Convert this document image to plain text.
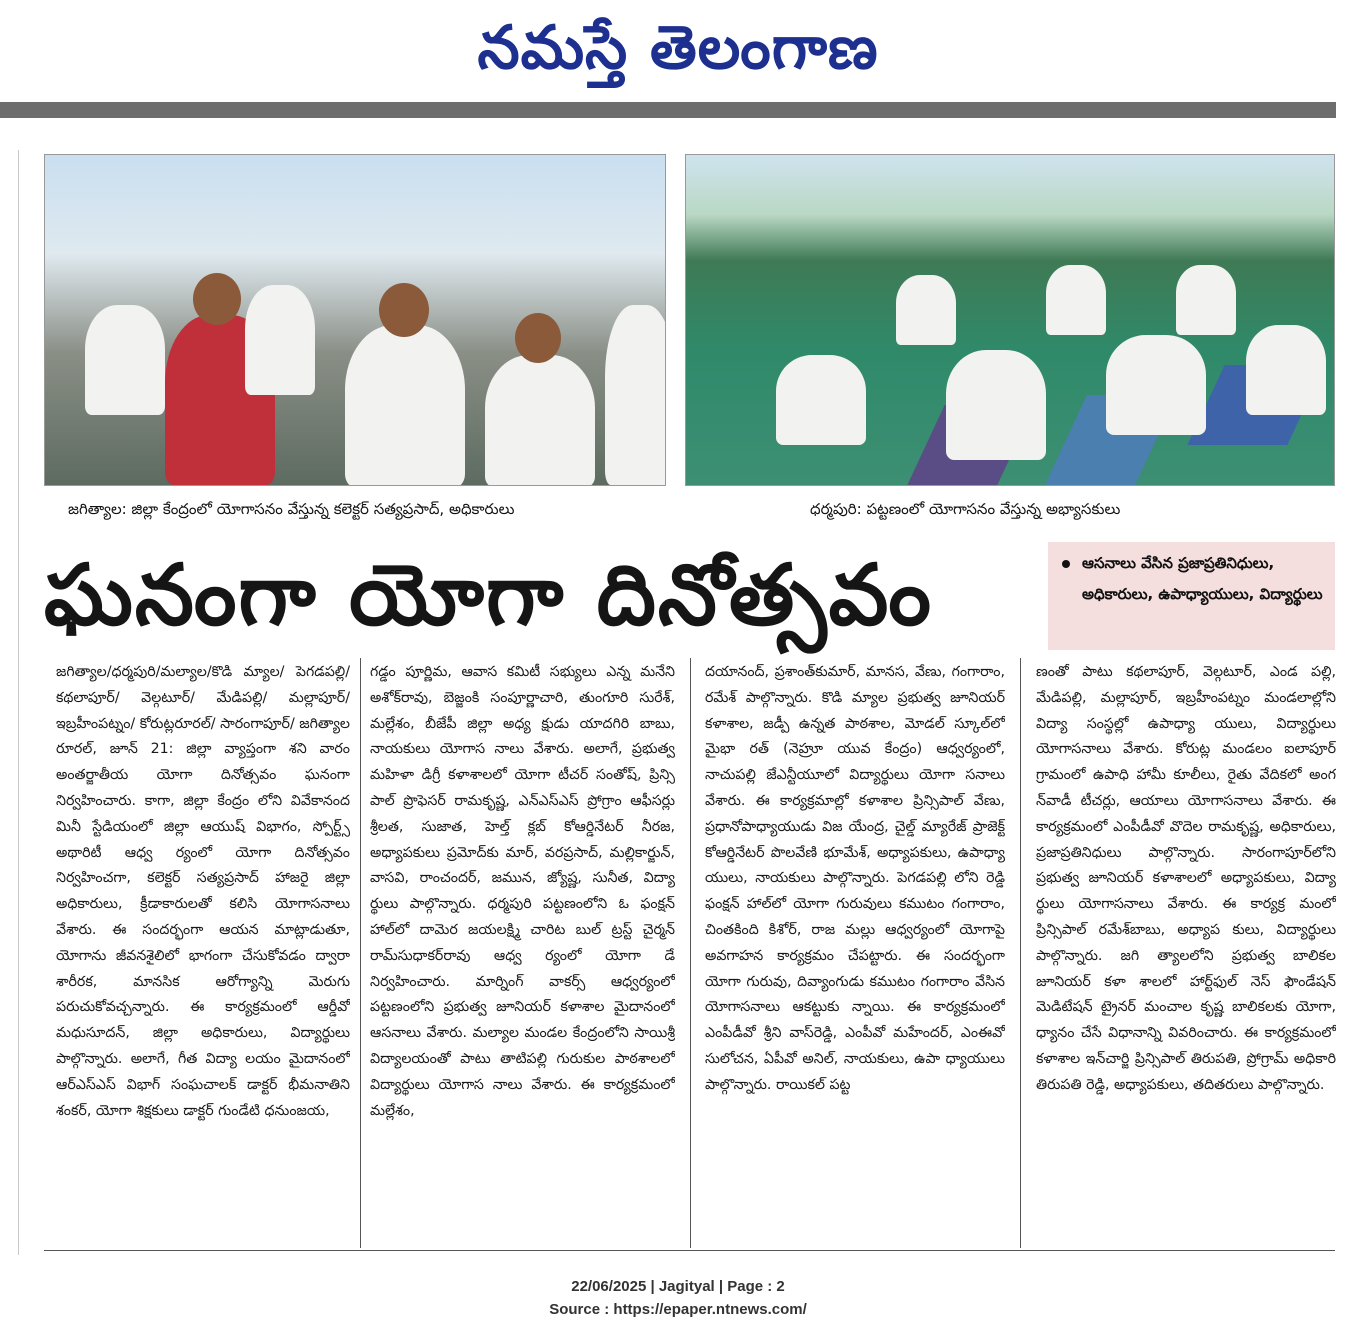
నమస్తే తెలంగాణ
జగిత్యాల: జిల్లా కేంద్రంలో యోగాసనం వేస్తున్న కలెక్టర్ సత్యప్రసాద్, అధికారులు	ధర్మపురి: పట్టణంలో యోగాసనం వేస్తున్న అభ్యాసకులు
ఘనంగా యోగా దినోత్సవం	ఆసనాలు వేసిన ప్రజాప్రతినిధులు, అధికారులు, ఉపాధ్యాయులు, విద్యార్థులు
జగిత్యాల/ధర్మపురి/మల్యాల/కొడి మ్యాల/ పెగడపల్లి/ కథలాపూర్/ వెల్గటూర్/ మేడిపల్లి/ మల్లాపూర్/ ఇబ్రహీంపట్నం/ కోరుట్లరూరల్/ సారంగాపూర్/ జగిత్యాల రూరల్, జూన్ 21: జిల్లా వ్యాప్తంగా శని వారం అంతర్జాతీయ యోగా దినోత్సవం ఘనంగా నిర్వహించారు. కాగా, జిల్లా కేంద్రం లోని వివేకానంద మినీ స్టేడియంలో జిల్లా ఆయుష్ విభాగం, స్పోర్ట్స్ అథారిటీ ఆధ్వ ర్యంలో యోగా దినోత్సవం నిర్వహించగా, కలెక్టర్ సత్యప్రసాద్ హాజరై జిల్లా అధికారులు, క్రీడాకారులతో కలిసి యోగాసనాలు వేశారు. ఈ సందర్భంగా ఆయన మాట్లాడుతూ, యోగాను జీవనశైలిలో భాగంగా చేసుకోవడం ద్వారా శారీరక, మానసిక ఆరోగ్యాన్ని మెరుగు పరుచుకోవచ్చన్నారు. ఈ కార్యక్రమంలో ఆర్డీవో మధుసూదన్, జిల్లా అధికారులు, విద్యార్థులు పాల్గొన్నారు. అలాగే, గీత విద్యా లయం మైదానంలో ఆర్ఎస్ఎస్ విభాగ్ సంఘచాలక్ డాక్టర్ భీమనాతిని శంకర్, యోగా శిక్షకులు డాక్టర్ గుండేటి ధనుంజయ,
గడ్డం పూర్ణిమ, ఆవాస కమిటీ సభ్యులు ఎన్న మనేని అశోక్‌రావు, బెజ్జంకి సంపూర్ణాచారి, తుంగూరి సురేశ్, మల్లేశం, బీజేపీ జిల్లా అధ్య క్షుడు యాదగిరి బాబు, నాయకులు యోగాస నాలు వేశారు. అలాగే, ప్రభుత్వ మహిళా డిగ్రీ కళాశాలలో యోగా టీచర్ సంతోష్, ప్రిన్సి పాల్ ప్రొఫెసర్ రామకృష్ణ, ఎన్ఎస్ఎస్ ప్రోగ్రాం ఆఫీసర్లు శ్రీలత, సుజాత, హెల్త్ క్లబ్ కోఆర్డినేటర్ నీరజ, అధ్యాపకులు ప్రమోద్‌కు మార్, వరప్రసాద్, మల్లికార్జున్, వాసవి, రాంచందర్, జమున, జ్యోష్ణ, సునీత, విద్యా ర్థులు పాల్గొన్నారు. ధర్మపురి పట్టణంలోని ఓ ఫంక్షన్ హాల్‌లో దామెర జయలక్ష్మి చారిట బుల్ ట్రస్ట్ చైర్మన్ రామ్‌సుధాకర్‌రావు ఆధ్వ ర్యంలో యోగా డే నిర్వహించారు. మార్నింగ్ వాకర్స్ ఆధ్వర్యంలో పట్టణంలోని ప్రభుత్వ జూనియర్ కళాశాల మైదానంలో ఆసనాలు వేశారు. మల్యాల మండల కేంద్రంలోని సాయిశ్రీ విద్యాలయంతో పాటు తాటిపల్లి గురుకుల పాఠశాలలో విద్యార్థులు యోగాస నాలు వేశారు. ఈ కార్యక్రమంలో మల్లేశం,
దయానంద్, ప్రశాంత్‌కుమార్, మానస, వేణు, గంగారాం, రమేశ్ పాల్గొన్నారు. కొడి మ్యాల ప్రభుత్వ జూనియర్ కళాశాల, జడ్పీ ఉన్నత పాఠశాల, మోడల్ స్కూల్‌లో మైభా రత్ (నెహ్రూ యువ కేంద్రం) ఆధ్వర్యంలో, నాచుపల్లి జేఎన్టీయూలో విద్యార్థులు యోగా సనాలు వేశారు. ఈ కార్యక్రమాల్లో కళాశాల ప్రిన్సిపాల్ వేణు, ప్రధానోపాధ్యాయుడు విజ యేంద్ర, చైల్డ్ మ్యారేజ్ ప్రాజెక్ట్ కోఆర్డినేటర్ పొలవేణి భూమేశ్, అధ్యాపకులు, ఉపాధ్యా యులు, నాయకులు పాల్గొన్నారు. పెగడపల్లి లోని రెడ్డి ఫంక్షన్ హాల్‌లో యోగా గురువులు కముటం గంగారాం, చింతకింది కిశోర్, రాజ మల్లు ఆధ్వర్యంలో యోగాపై అవగాహన కార్యక్రమం చేపట్టారు. ఈ సందర్భంగా యోగా గురువు, దివ్యాంగుడు కముటం గంగారాం వేసిన యోగాసనాలు ఆకట్టుకు న్నాయి. ఈ కార్యక్రమంలో ఎంపీడీవో శ్రీని వాస్‌రెడ్డి, ఎంపీవో మహేందర్, ఎంఈవో సులోచన, ఏపీవో అనిల్, నాయకులు, ఉపా ధ్యాయులు పాల్గొన్నారు. రాయికల్ పట్ట
ణంతో పాటు కథలాపూర్, వెల్గటూర్, ఎండ పల్లి, మేడిపల్లి, మల్లాపూర్, ఇబ్రహీంపట్నం మండలాల్లోని విద్యా సంస్థల్లో ఉపాధ్యా యులు, విద్యార్థులు యోగాసనాలు వేశారు. కోరుట్ల మండలం ఐలాపూర్ గ్రామంలో ఉపాధి హామీ కూలీలు, రైతు వేదికలో అంగ న్‌వాడీ టీచర్లు, ఆయాలు యోగాసనాలు వేశారు. ఈ కార్యక్రమంలో ఎంపీడీవో వొదెల రామకృష్ణ, అధికారులు, ప్రజాప్రతినిధులు పాల్గొన్నారు. సారంగాపూర్‌లోని ప్రభుత్వ జూనియర్ కళాశాలలో అధ్యాపకులు, విద్యా ర్థులు యోగాసనాలు వేశారు. ఈ కార్యక్ర మంలో ప్రిన్సిపాల్ రమేశ్‌బాబు, అధ్యాప కులు, విద్యార్థులు పాల్గొన్నారు. జగి త్యాలలోని ప్రభుత్వ బాలికల జూనియర్ కళా శాలలో హార్ట్‌ఫుల్ నెస్ ఫౌండేషన్ మెడిటేషన్ ట్రైనర్ మంచాల కృష్ణ బాలికలకు యోగా, ధ్యానం చేసే విధానాన్ని వివరించారు. ఈ కార్యక్రమంలో కళాశాల ఇన్‌చార్జి ప్రిన్సిపాల్ తిరుపతి, ప్రోగ్రామ్ అధికారి తిరుపతి రెడ్డి, అధ్యాపకులు, తదితరులు పాల్గొన్నారు.
22/06/2025 | Jagityal | Page : 2
Source : https://epaper.ntnews.com/
